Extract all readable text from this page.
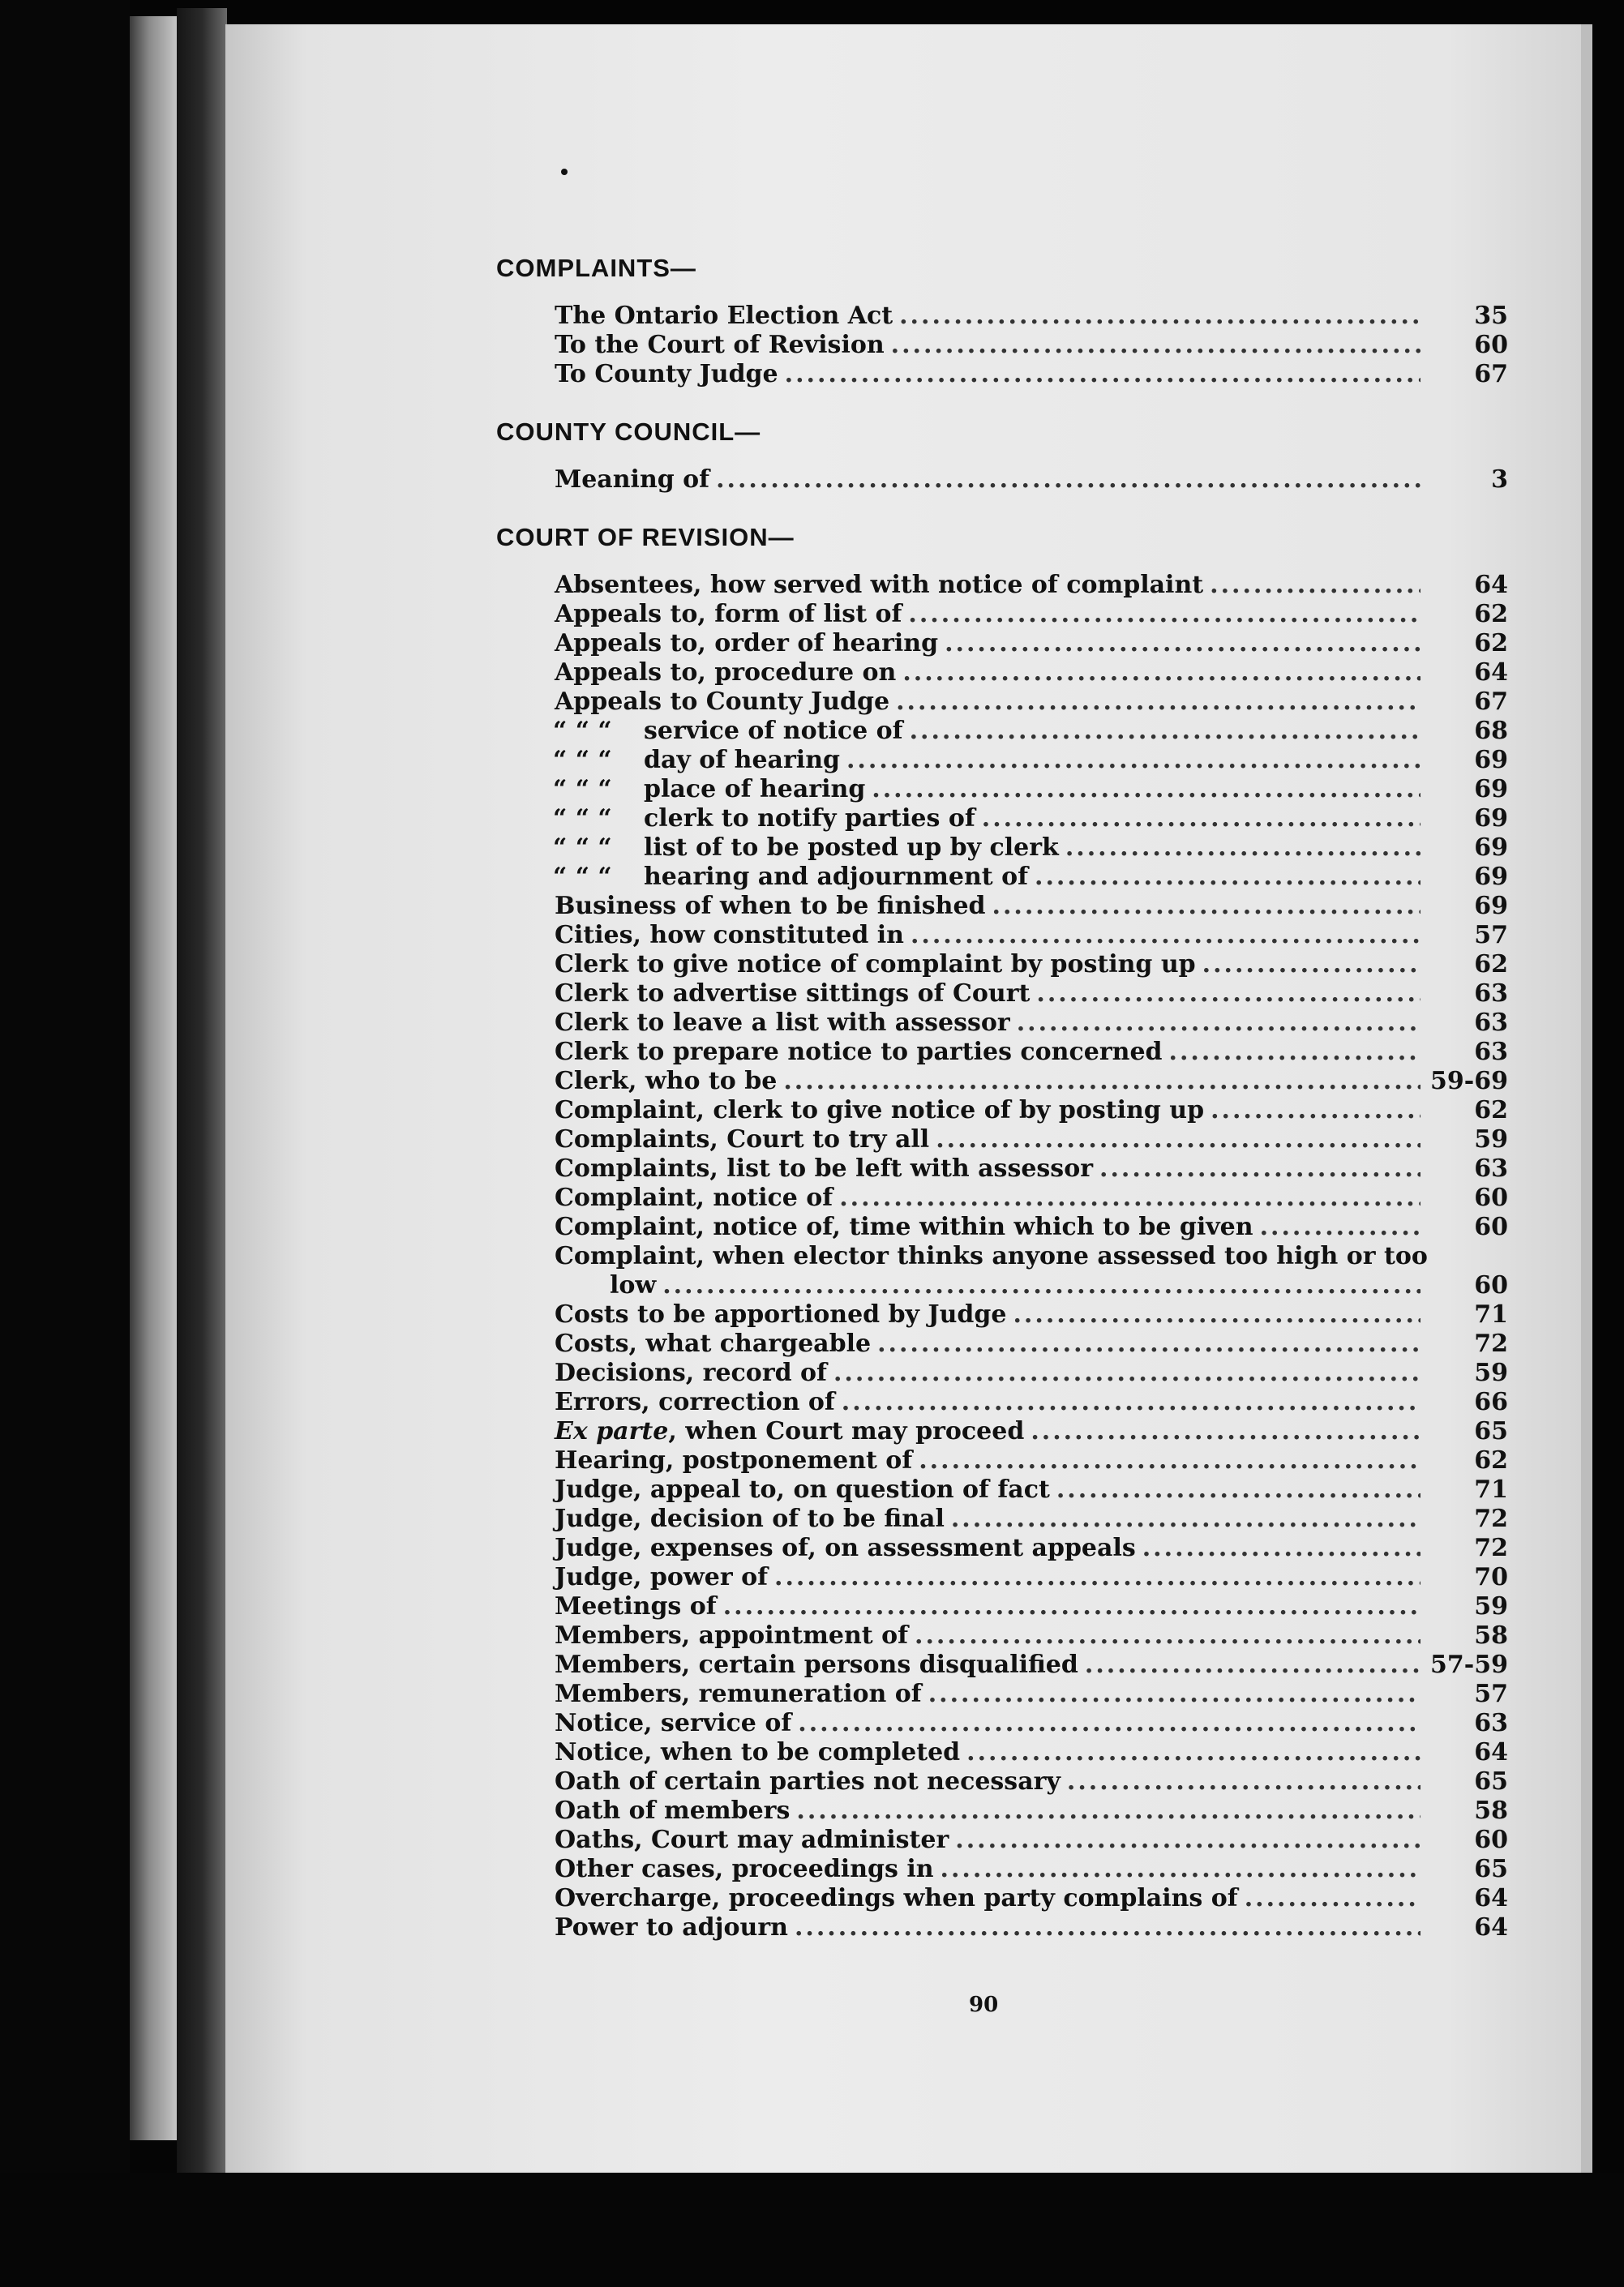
COMPLAINTS—
The Ontario Election Act .....	35
To the Court of Revision .....	60
To County Judge .....	67
COUNTY COUNCIL—
Meaning of .....	3
COURT OF REVISION—
Absentees, how served with notice of complaint .....	64
Appeals to, form of list of .....	62
Appeals to, order of hearing .....	62
Appeals to, procedure on .....	64
Appeals to County Judge .....	67
“ “ “	service of notice of .....	68
“ “ “	day of hearing .....	69
“ “ “	place of hearing .....	69
“ “ “	clerk to notify parties of .....	69
“ “ “	list of to be posted up by clerk .....	69
“ “ “	hearing and adjournment of .....	69
Business of when to be finished .....	69
Cities, how constituted in .....	57
Clerk to give notice of complaint by posting up .....	62
Clerk to advertise sittings of Court .....	63
Clerk to leave a list with assessor .....	63
Clerk to prepare notice to parties concerned .....	63
Clerk, who to be .....	59-69
Complaint, clerk to give notice of by posting up .....	62
Complaints, Court to try all .....	59
Complaints, list to be left with assessor .....	63
Complaint, notice of .....	60
Complaint, notice of, time within which to be given .....	60
Complaint, when elector thinks anyone assessed too high or too
low .....	60
Costs to be apportioned by Judge .....	71
Costs, what chargeable .....	72
Decisions, record of .....	59
Errors, correction of .....	66
Ex parte, when Court may proceed .....	65
Hearing, postponement of .....	62
Judge, appeal to, on question of fact .....	71
Judge, decision of to be final .....	72
Judge, expenses of, on assessment appeals .....	72
Judge, power of .....	70
Meetings of .....	59
Members, appointment of .....	58
Members, certain persons disqualified .....	57-59
Members, remuneration of .....	57
Notice, service of .....	63
Notice, when to be completed .....	64
Oath of certain parties not necessary .....	65
Oath of members .....	58
Oaths, Court may administer .....	60
Other cases, proceedings in .....	65
Overcharge, proceedings when party complains of .....	64
Power to adjourn .....	64
90
